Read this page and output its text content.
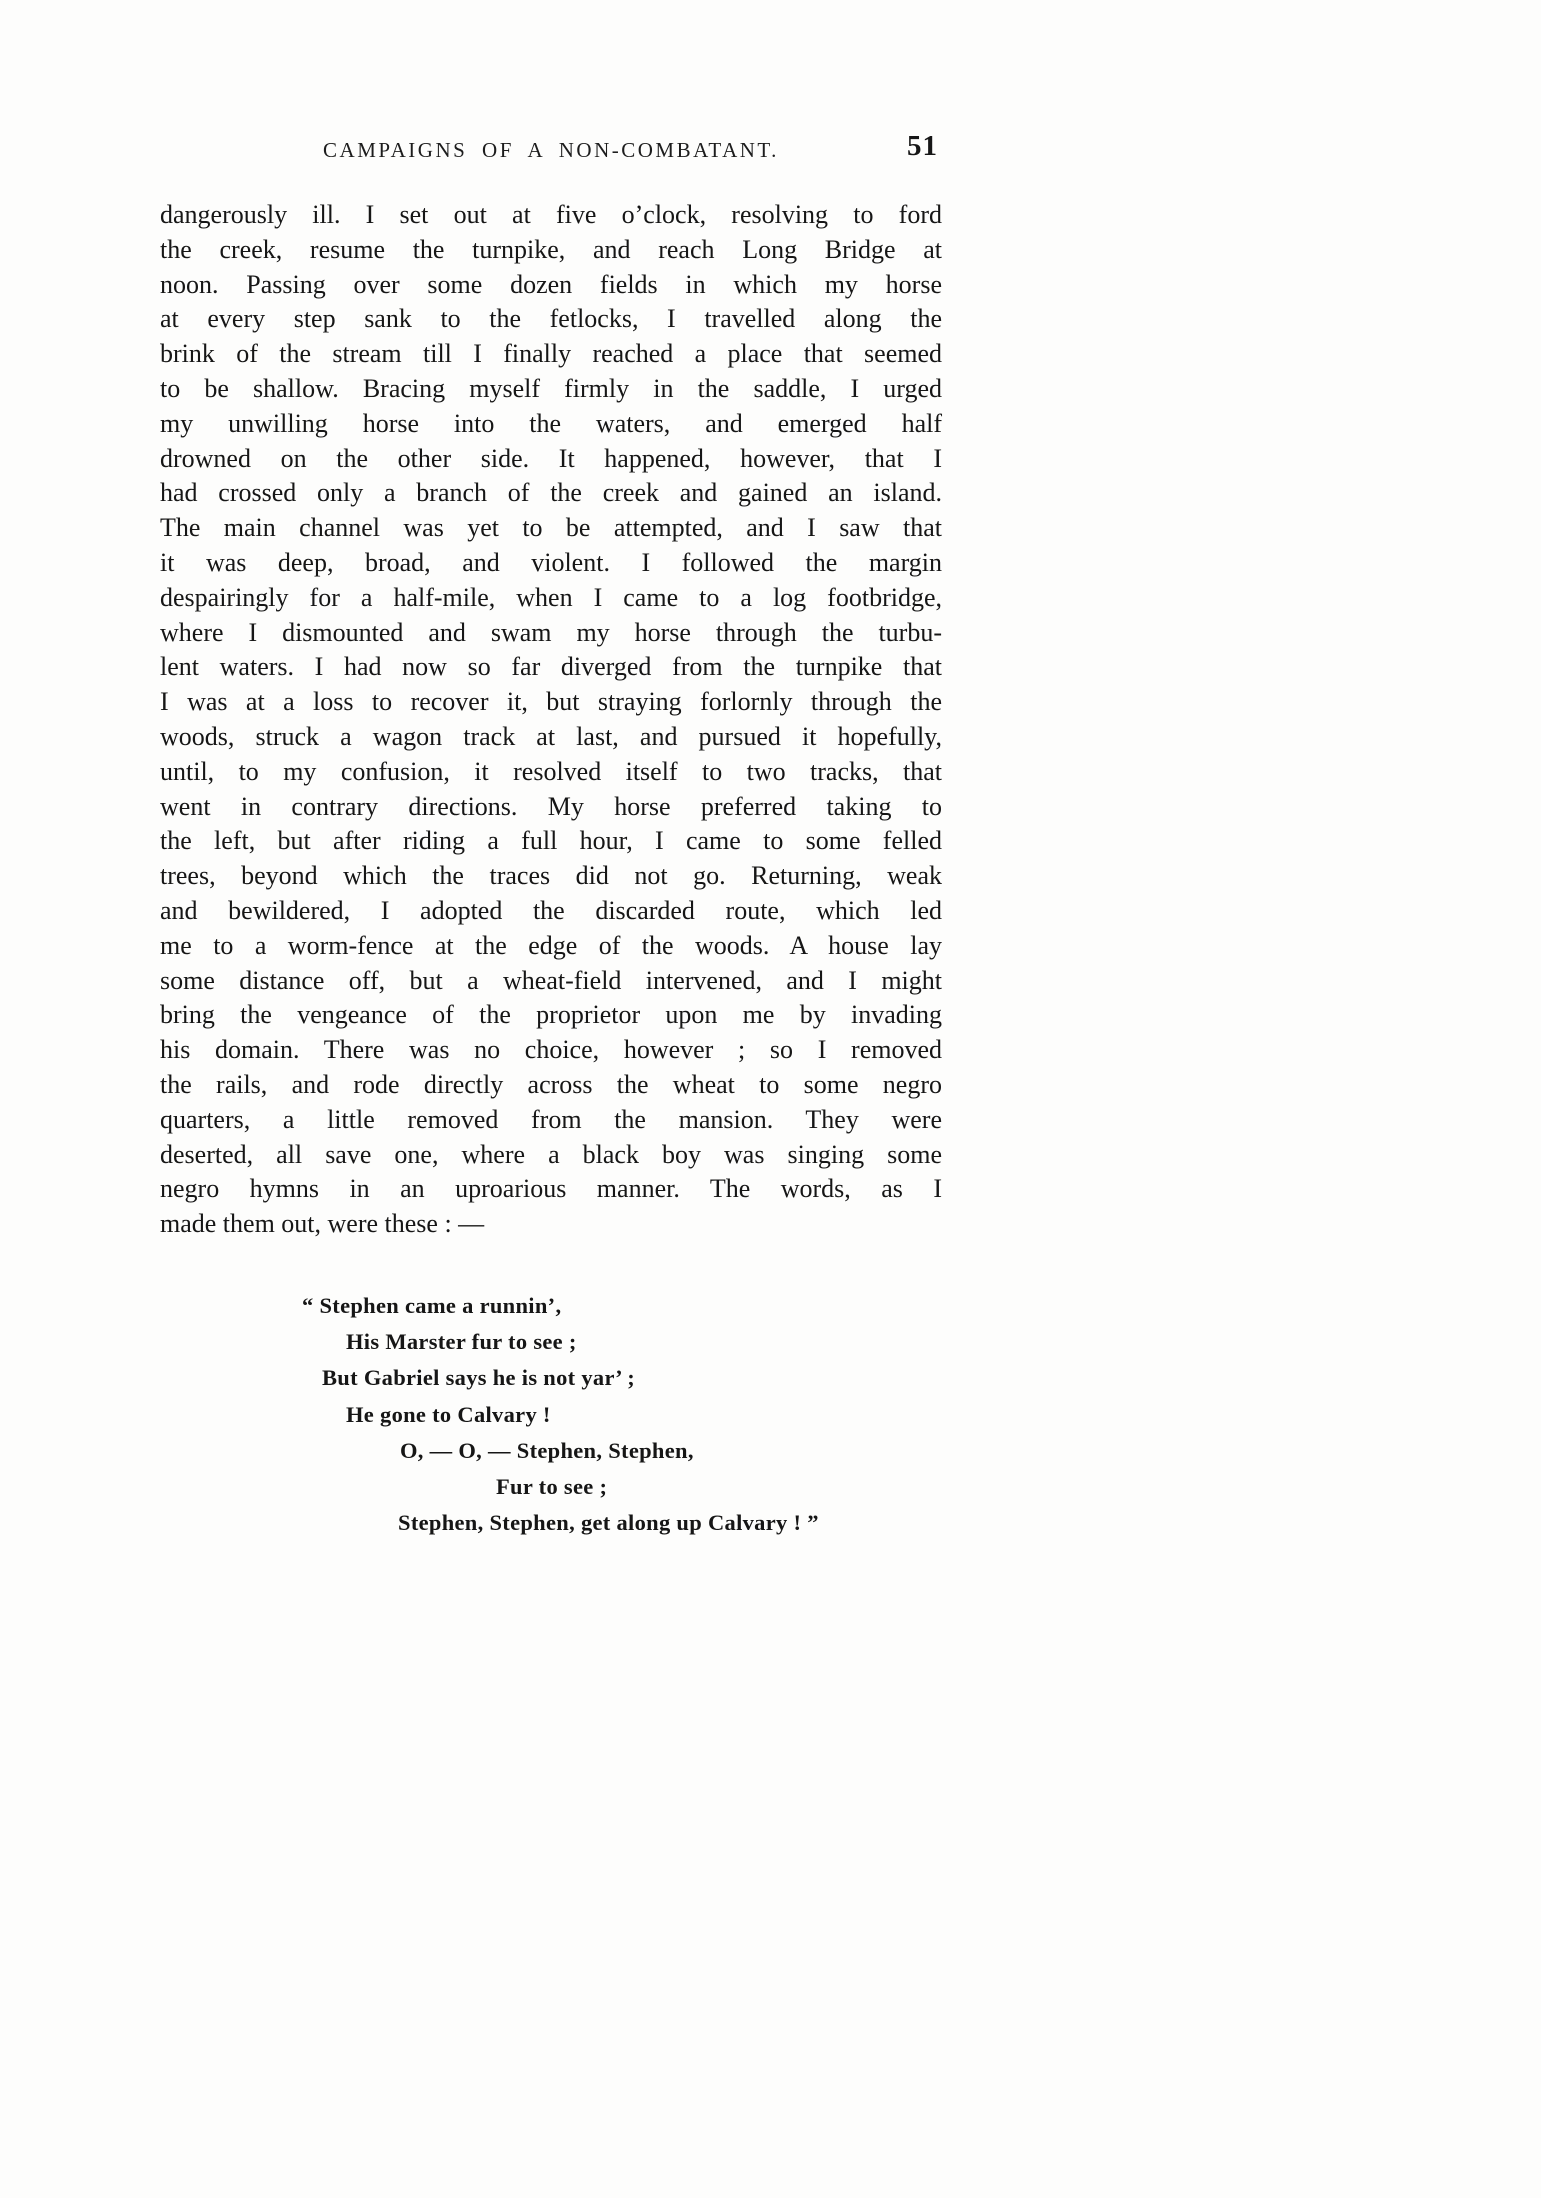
CAMPAIGNS OF A NON-COMBATANT.	51
dangerously ill. I set out at five o’clock, resolving to ford
the creek, resume the turnpike, and reach Long Bridge at
noon. Passing over some dozen fields in which my horse
at every step sank to the fetlocks, I travelled along the
brink of the stream till I finally reached a place that seemed
to be shallow. Bracing myself firmly in the saddle, I urged
my unwilling horse into the waters, and emerged half
drowned on the other side. It happened, however, that I
had crossed only a branch of the creek and gained an island.
The main channel was yet to be attempted, and I saw that
it was deep, broad, and violent. I followed the margin
despairingly for a half-mile, when I came to a log footbridge,
where I dismounted and swam my horse through the turbu-
lent waters. I had now so far diverged from the turnpike that
I was at a loss to recover it, but straying forlornly through the
woods, struck a wagon track at last, and pursued it hopefully,
until, to my confusion, it resolved itself to two tracks, that
went in contrary directions. My horse preferred taking to
the left, but after riding a full hour, I came to some felled
trees, beyond which the traces did not go. Returning, weak
and bewildered, I adopted the discarded route, which led
me to a worm-fence at the edge of the woods. A house lay
some distance off, but a wheat-field intervened, and I might
bring the vengeance of the proprietor upon me by invading
his domain. There was no choice, however ; so I removed
the rails, and rode directly across the wheat to some negro
quarters, a little removed from the mansion. They were
deserted, all save one, where a black boy was singing some
negro hymns in an uproarious manner. The words, as I
made them out, were these : —
“ Stephen came a runnin’,
His Marster fur to see ;
But Gabriel says he is not yar’ ;
He gone to Calvary !
O, — O, — Stephen, Stephen,
Fur to see ;
Stephen, Stephen, get along up Calvary ! ”
